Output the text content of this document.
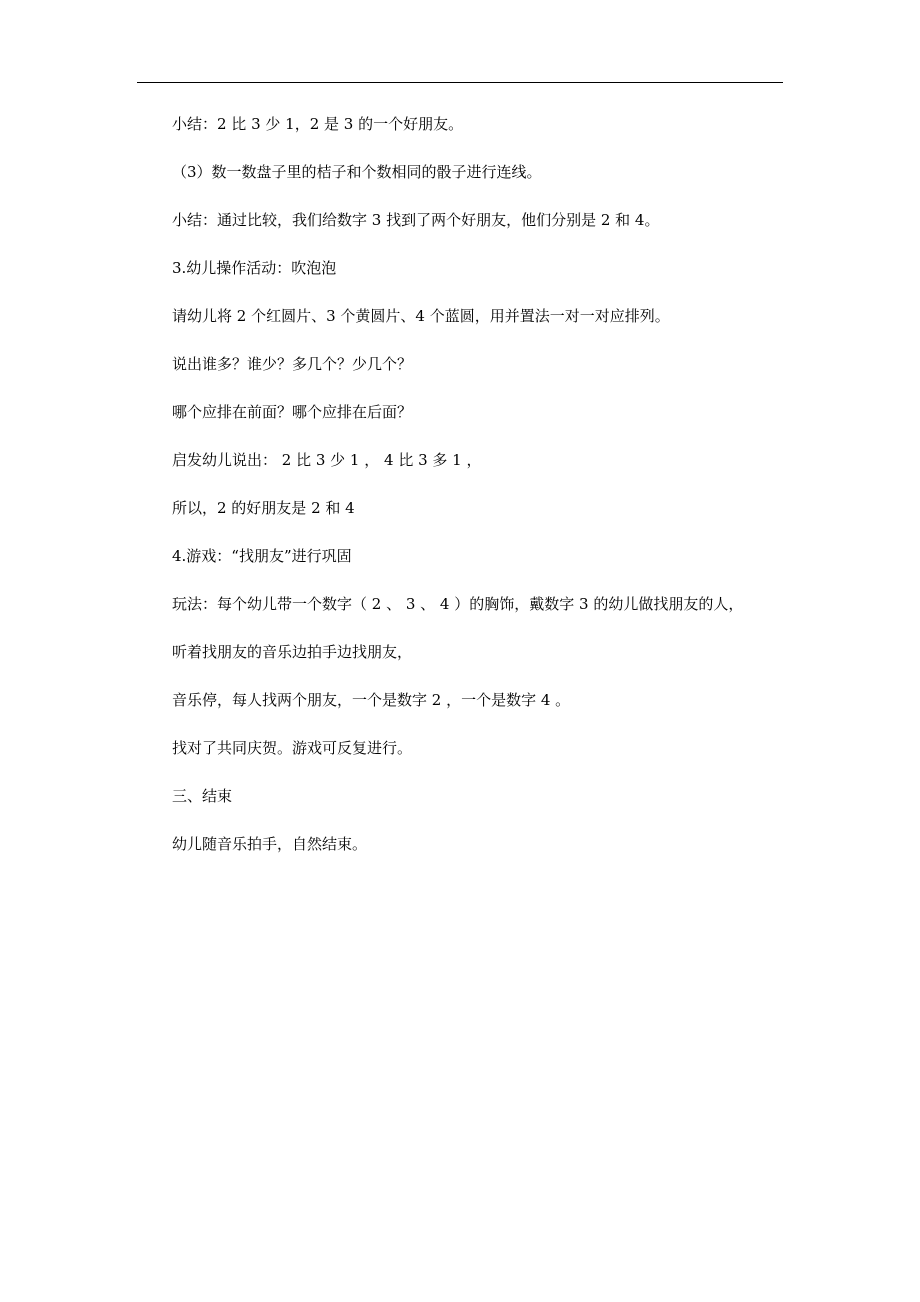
小结：2 比 3 少 1，2 是 3 的一个好朋友。
（3）数一数盘子里的桔子和个数相同的骰子进行连线。
小结：通过比较，我们给数字 3 找到了两个好朋友，他们分别是 2 和 4。
3.幼儿操作活动：吹泡泡
请幼儿将 2 个红圆片、3 个黄圆片、4 个蓝圆，用并置法一对一对应排列。
说出谁多？谁少？多几个？少几个？
哪个应排在前面？哪个应排在后面？
启发幼儿说出： 2 比 3 少 1 ， 4 比 3 多 1 ，
所以，2 的好朋友是 2 和 4
4.游戏：“找朋友”进行巩固
玩法：每个幼儿带一个数字（ 2 、 3 、 4 ）的胸饰，戴数字 3 的幼儿做找朋友的人，
听着找朋友的音乐边拍手边找朋友，
音乐停，每人找两个朋友，一个是数字 2 ，一个是数字 4 。
找对了共同庆贺。游戏可反复进行。
三、结束
幼儿随音乐拍手，自然结束。
